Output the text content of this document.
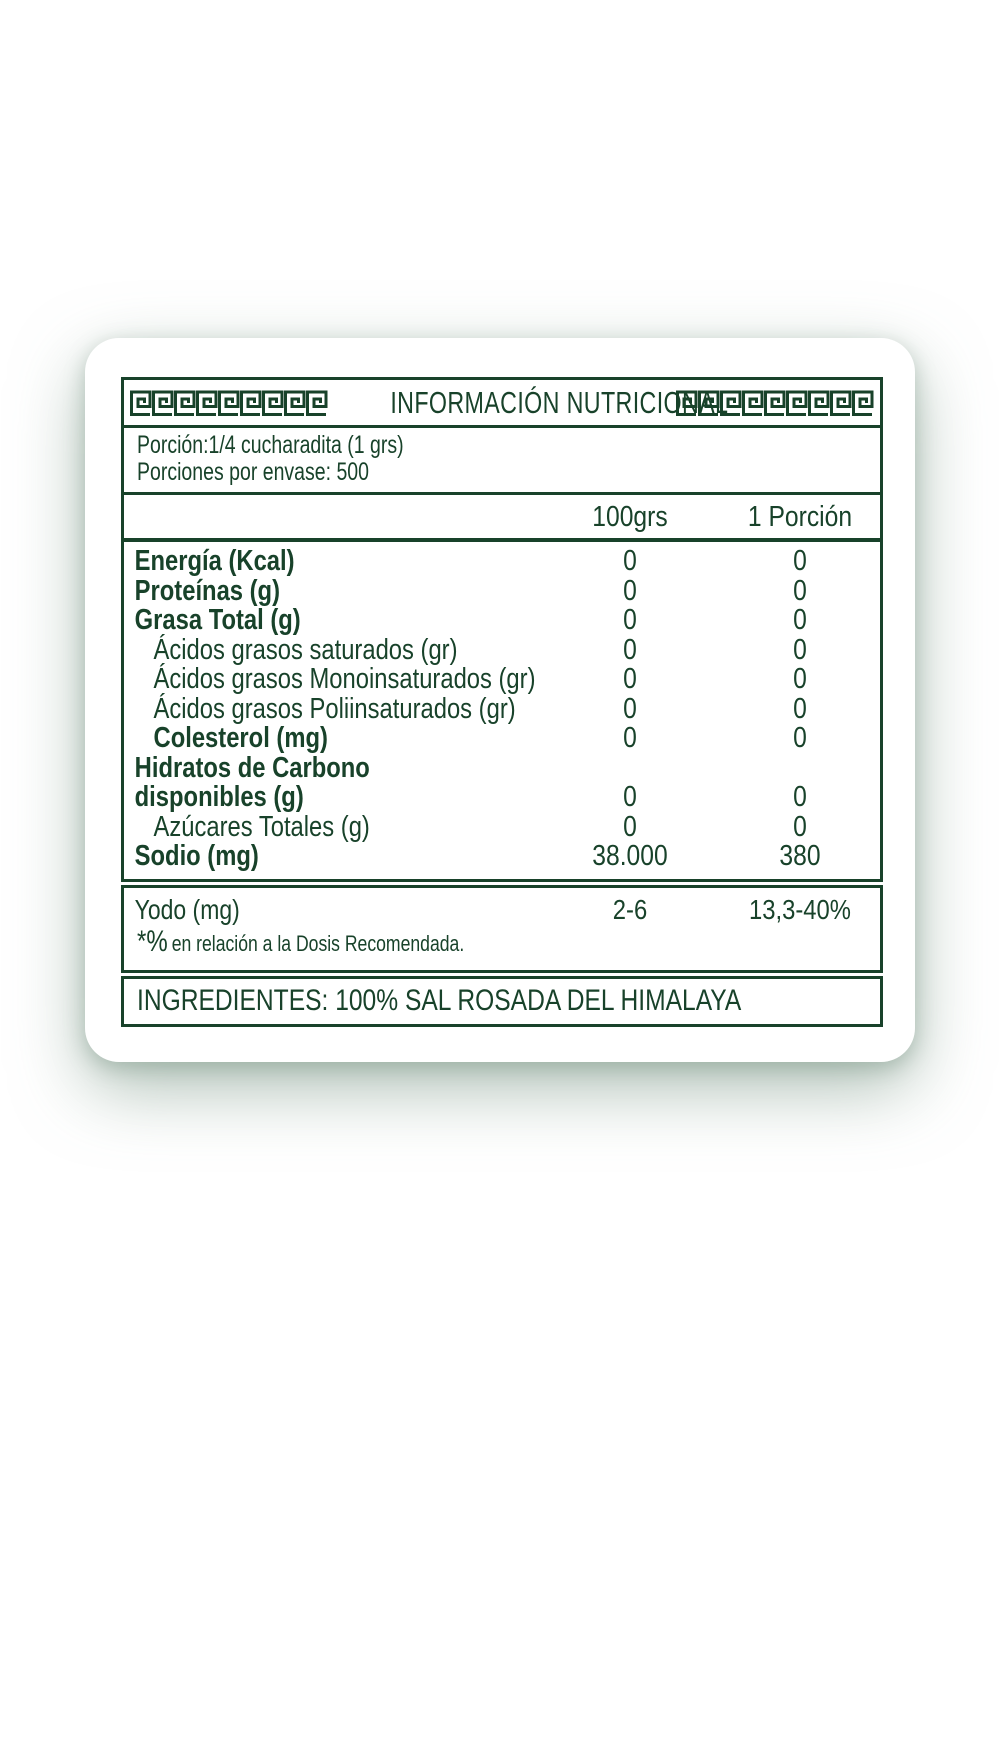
INFORMACIÓN NUTRICIONAL
Porción:1/4 cucharadita (1 grs)
Porciones por envase: 500
100grs	1 Porción
Energía (Kcal)	0	0
Proteínas (g)	0	0
Grasa Total (g)	0	0
Ácidos grasos saturados (gr)	0	0
Ácidos grasos Monoinsaturados (gr)	0	0
Ácidos grasos Poliinsaturados (gr)	0	0
Colesterol (mg)	0	0
Hidratos de Carbono
disponibles (g)	0	0
Azúcares Totales (g)	0	0
Sodio (mg)	38.000	380
Yodo (mg)	2-6	13,3-40%
*% en relación a la Dosis Recomendada.
INGREDIENTES: 100% SAL ROSADA DEL HIMALAYA
